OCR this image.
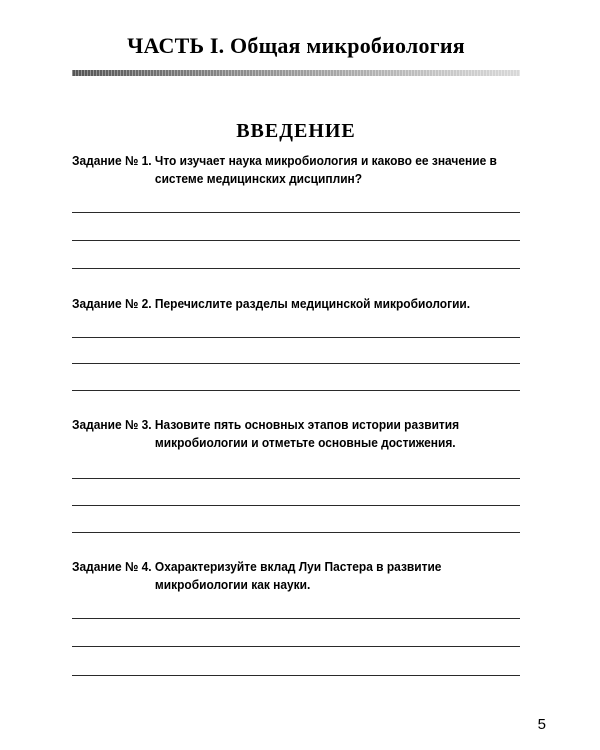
ЧАСТЬ I. Общая микробиология
ВВЕДЕНИЕ
Задание № 1.
Что изучает наука микробиология и каково ее значение в системе медицинских дисциплин?
Задание № 2.
Перечислите разделы медицинской микробиологии.
Задание № 3.
Назовите пять основных этапов истории развития микробиологии и отметьте основные достижения.
Задание № 4.
Охарактеризуйте вклад Луи Пастера в развитие микробиологии как науки.
5
